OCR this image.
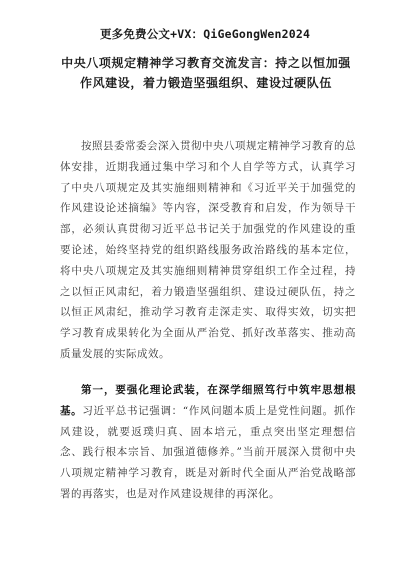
更多免费公文+VX：QiGeGongWen2024
中央八项规定精神学习教育交流发言：持之以恒加强作风建设，着力锻造坚强组织、建设过硬队伍

按照县委常委会深入贯彻中央八项规定精神学习教育的总体安排，近期我通过集中学习和个人自学等方式，认真学习了中央八项规定及其实施细则精神和《习近平关于加强党的作风建设论述摘编》等内容，深受教育和启发，作为领导干部，必须认真贯彻习近平总书记关于加强党的作风建设的重要论述，始终坚持党的组织路线服务政治路线的基本定位，将中央八项规定及其实施细则精神贯穿组织工作全过程，持之以恒正风肃纪，着力锻造坚强组织、建设过硬队伍，持之以恒正风肃纪，推动学习教育走深走实、取得实效，切实把学习教育成果转化为全面从严治党、抓好改革落实、推动高质量发展的实际成效。

第一，要强化理论武装，在深学细照笃行中筑牢思想根基。习近平总书记强调：“作风问题本质上是党性问题。抓作风建设，就要返璞归真、固本培元，重点突出坚定理想信念、践行根本宗旨、加强道德修养。”当前开展深入贯彻中央八项规定精神学习教育，既是对新时代全面从严治党战略部署的再落实，也是对作风建设规律的再深化。
